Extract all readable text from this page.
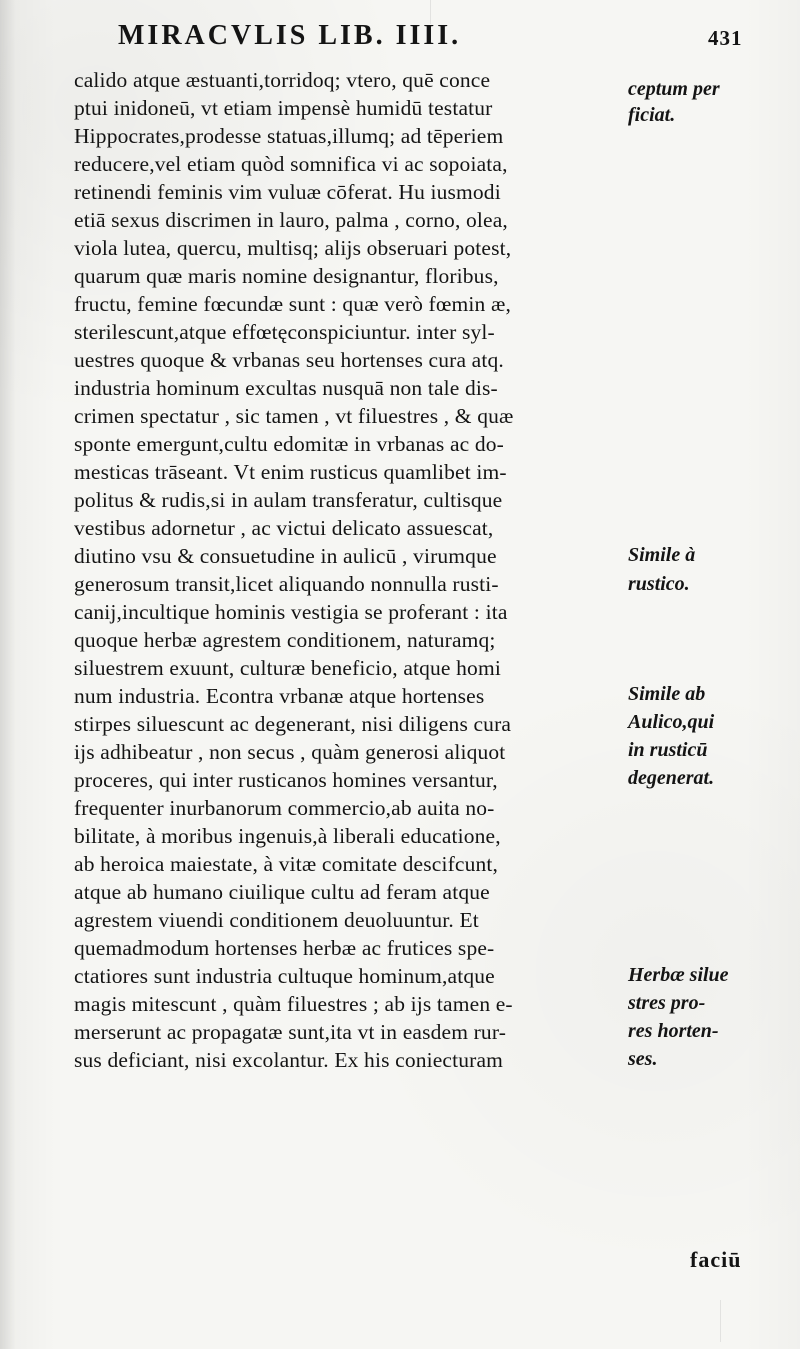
MIRACVLIS LIB. IIII.	431
calido atque æstuanti,torridoq; vtero, quē conce
ptui inidoneū, vt etiam impensè humidū testatur
Hippocrates,prodesse statuas,illumq; ad tēperiem
reducere,vel etiam quòd somnifica vi ac sopoiata,
retinendi feminis vim vuluæ cōferat. Hu iusmodi
etiā sexus discrimen in lauro, palma , corno, olea,
viola lutea, quercu, multisq; alijs obseruari potest,
quarum quæ maris nomine designantur, floribus,
fructu, femine fœcundæ sunt : quæ verò fœmin æ,
sterilescunt,atque effœtęconspiciuntur. inter syl-
uestres quoque & vrbanas seu hortenses cura atq.
industria hominum excultas nusquā non tale dis-
crimen spectatur , sic tamen , vt filuestres , & quæ
sponte emergunt,cultu edomitæ in vrbanas ac do-
mesticas trāseant. Vt enim rusticus quamlibet im-
politus & rudis,si in aulam transferatur, cultisque
vestibus adornetur , ac victui delicato assuescat,
diutino vsu & consuetudine in aulicū , virumque
generosum transit,licet aliquando nonnulla rusti-
canij,incultique hominis vestigia se proferant : ita
quoque herbæ agrestem conditionem, naturamq;
siluestrem exuunt, culturæ beneficio, atque homi
num industria. Econtra vrbanæ atque hortenses
stirpes siluescunt ac degenerant, nisi diligens cura
ijs adhibeatur , non secus , quàm generosi aliquot
proceres, qui inter rusticanos homines versantur,
frequenter inurbanorum commercio,ab auita no-
bilitate, à moribus ingenuis,à liberali educatione,
ab heroica maiestate, à vitæ comitate descifcunt,
atque ab humano ciuilique cultu ad feram atque
agrestem viuendi conditionem deuoluuntur. Et
quemadmodum hortenses herbæ ac frutices spe-
ctatiores sunt industria cultuque hominum,atque
magis mitescunt , quàm filuestres ; ab ijs tamen e-
merserunt ac propagatæ sunt,ita vt in easdem rur-
sus deficiant, nisi excolantur. Ex his coniecturam
ceptum per
ficiat.
Simile à
rustico.
Simile ab
Aulico,qui
in rusticū
degenerat.
Herbæ silue
stres pro-
res horten-
ses.
faciū
